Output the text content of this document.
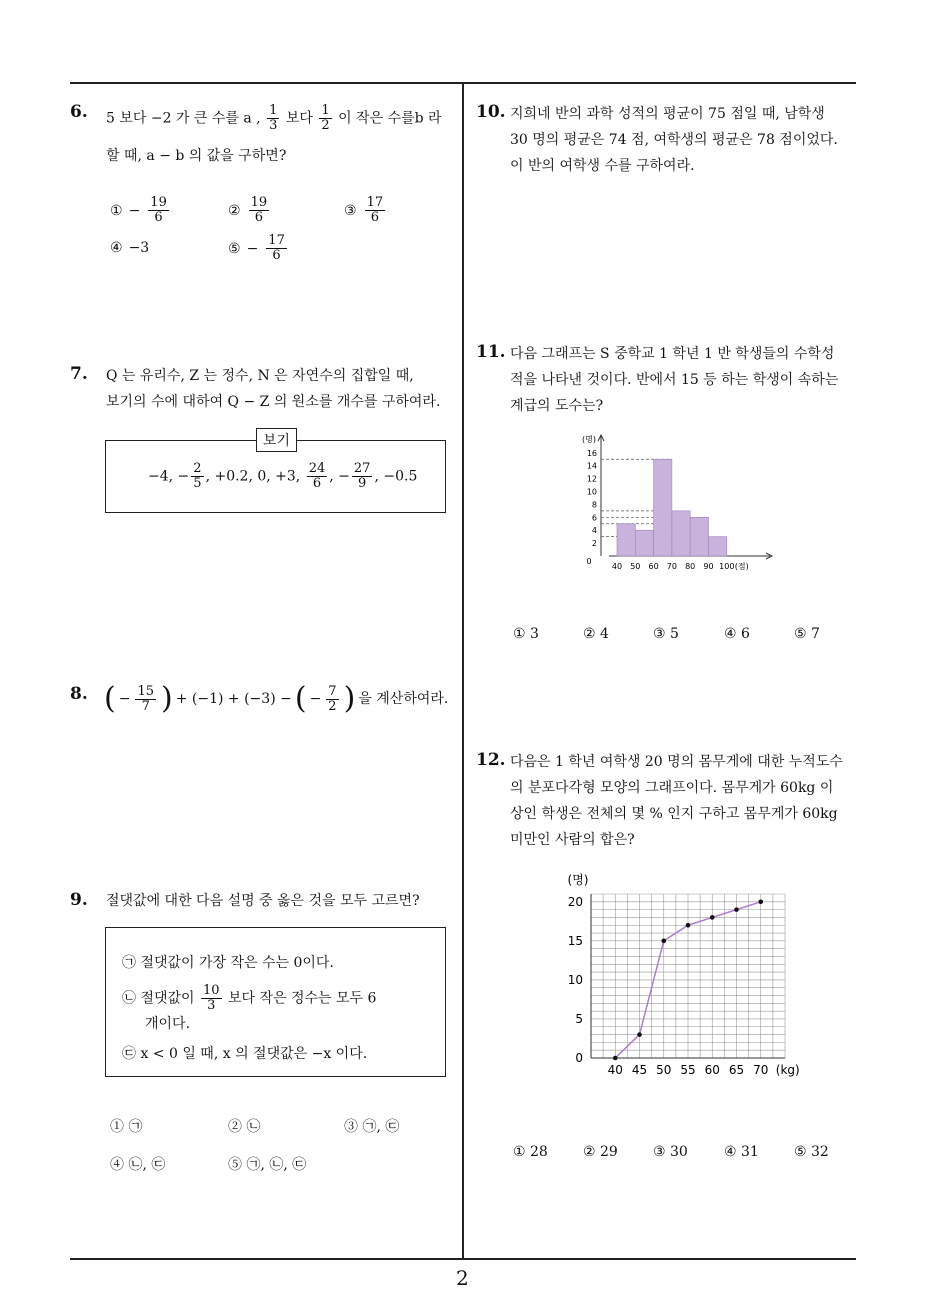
2
6. 5 보다 −2 가 큰 수를 a , $\frac{1}{3}$ 보다 $\frac{1}{2}$ 이 작은 수를b 라
할 때, a − b 의 값을 구하면?
① − $\frac{19}{6}$	② $\frac{19}{6}$	③ $\frac{17}{6}$
④ −3	⑤ − $\frac{17}{6}$
7. Q 는 유리수, Z 는 정수, N 은 자연수의 집합일 때,
보기의 수에 대하여 Q − Z 의 원소를 개수를 구하여라.
보기
−4, − $\frac{2}{5}$ , +0.2, 0, +3, $\frac{24}{6}$ , − $\frac{27}{9}$ , −0.5
8. ( − $\frac{15}{7}$ ) + (−1) + (−3) − ( − $\frac{7}{2}$ ) 을 계산하여라.
9. 절댓값에 대한 다음 설명 중 옳은 것을 모두 고르면?
㉠ 절댓값이 가장 작은 수는 0이다.
㉡ 절댓값이 $\frac{10}{3}$ 보다 작은 정수는 모두 6
개이다.
㉢ x < 0 일 때, x 의 절댓값은 −x 이다.
① ㉠	② ㉡	③ ㉠, ㉢
④ ㉡, ㉢	⑤ ㉠, ㉡, ㉢
10. 지희네 반의 과학 성적의 평균이 75 점일 때, 남학생
30 명의 평균은 74 점, 여학생의 평균은 78 점이었다.
이 반의 여학생 수를 구하여라.
11. 다음 그래프는 S 중학교 1 학년 1 반 학생들의 수학성
적을 나타낸 것이다. 반에서 15 등 하는 학생이 속하는
계급의 도수는?
(명)
0
2
4
6
8
10
12
14
16
40 50 60 70 80 90 100 (점)
① 3	② 4	③ 5	④ 6	⑤ 7
12. 다음은 1 학년 여학생 20 명의 몸무게에 대한 누적도수
의 분포다각형 모양의 그래프이다. 몸무게가 60kg 이
상인 학생은 전체의 몇 % 인지 구하고 몸무게가 60kg
미만인 사람의 합은?
(명)
0
5
10
15
20
40 45 50 55 60 65 70 (kg)
① 28	② 29	③ 30	④ 31	⑤ 32
